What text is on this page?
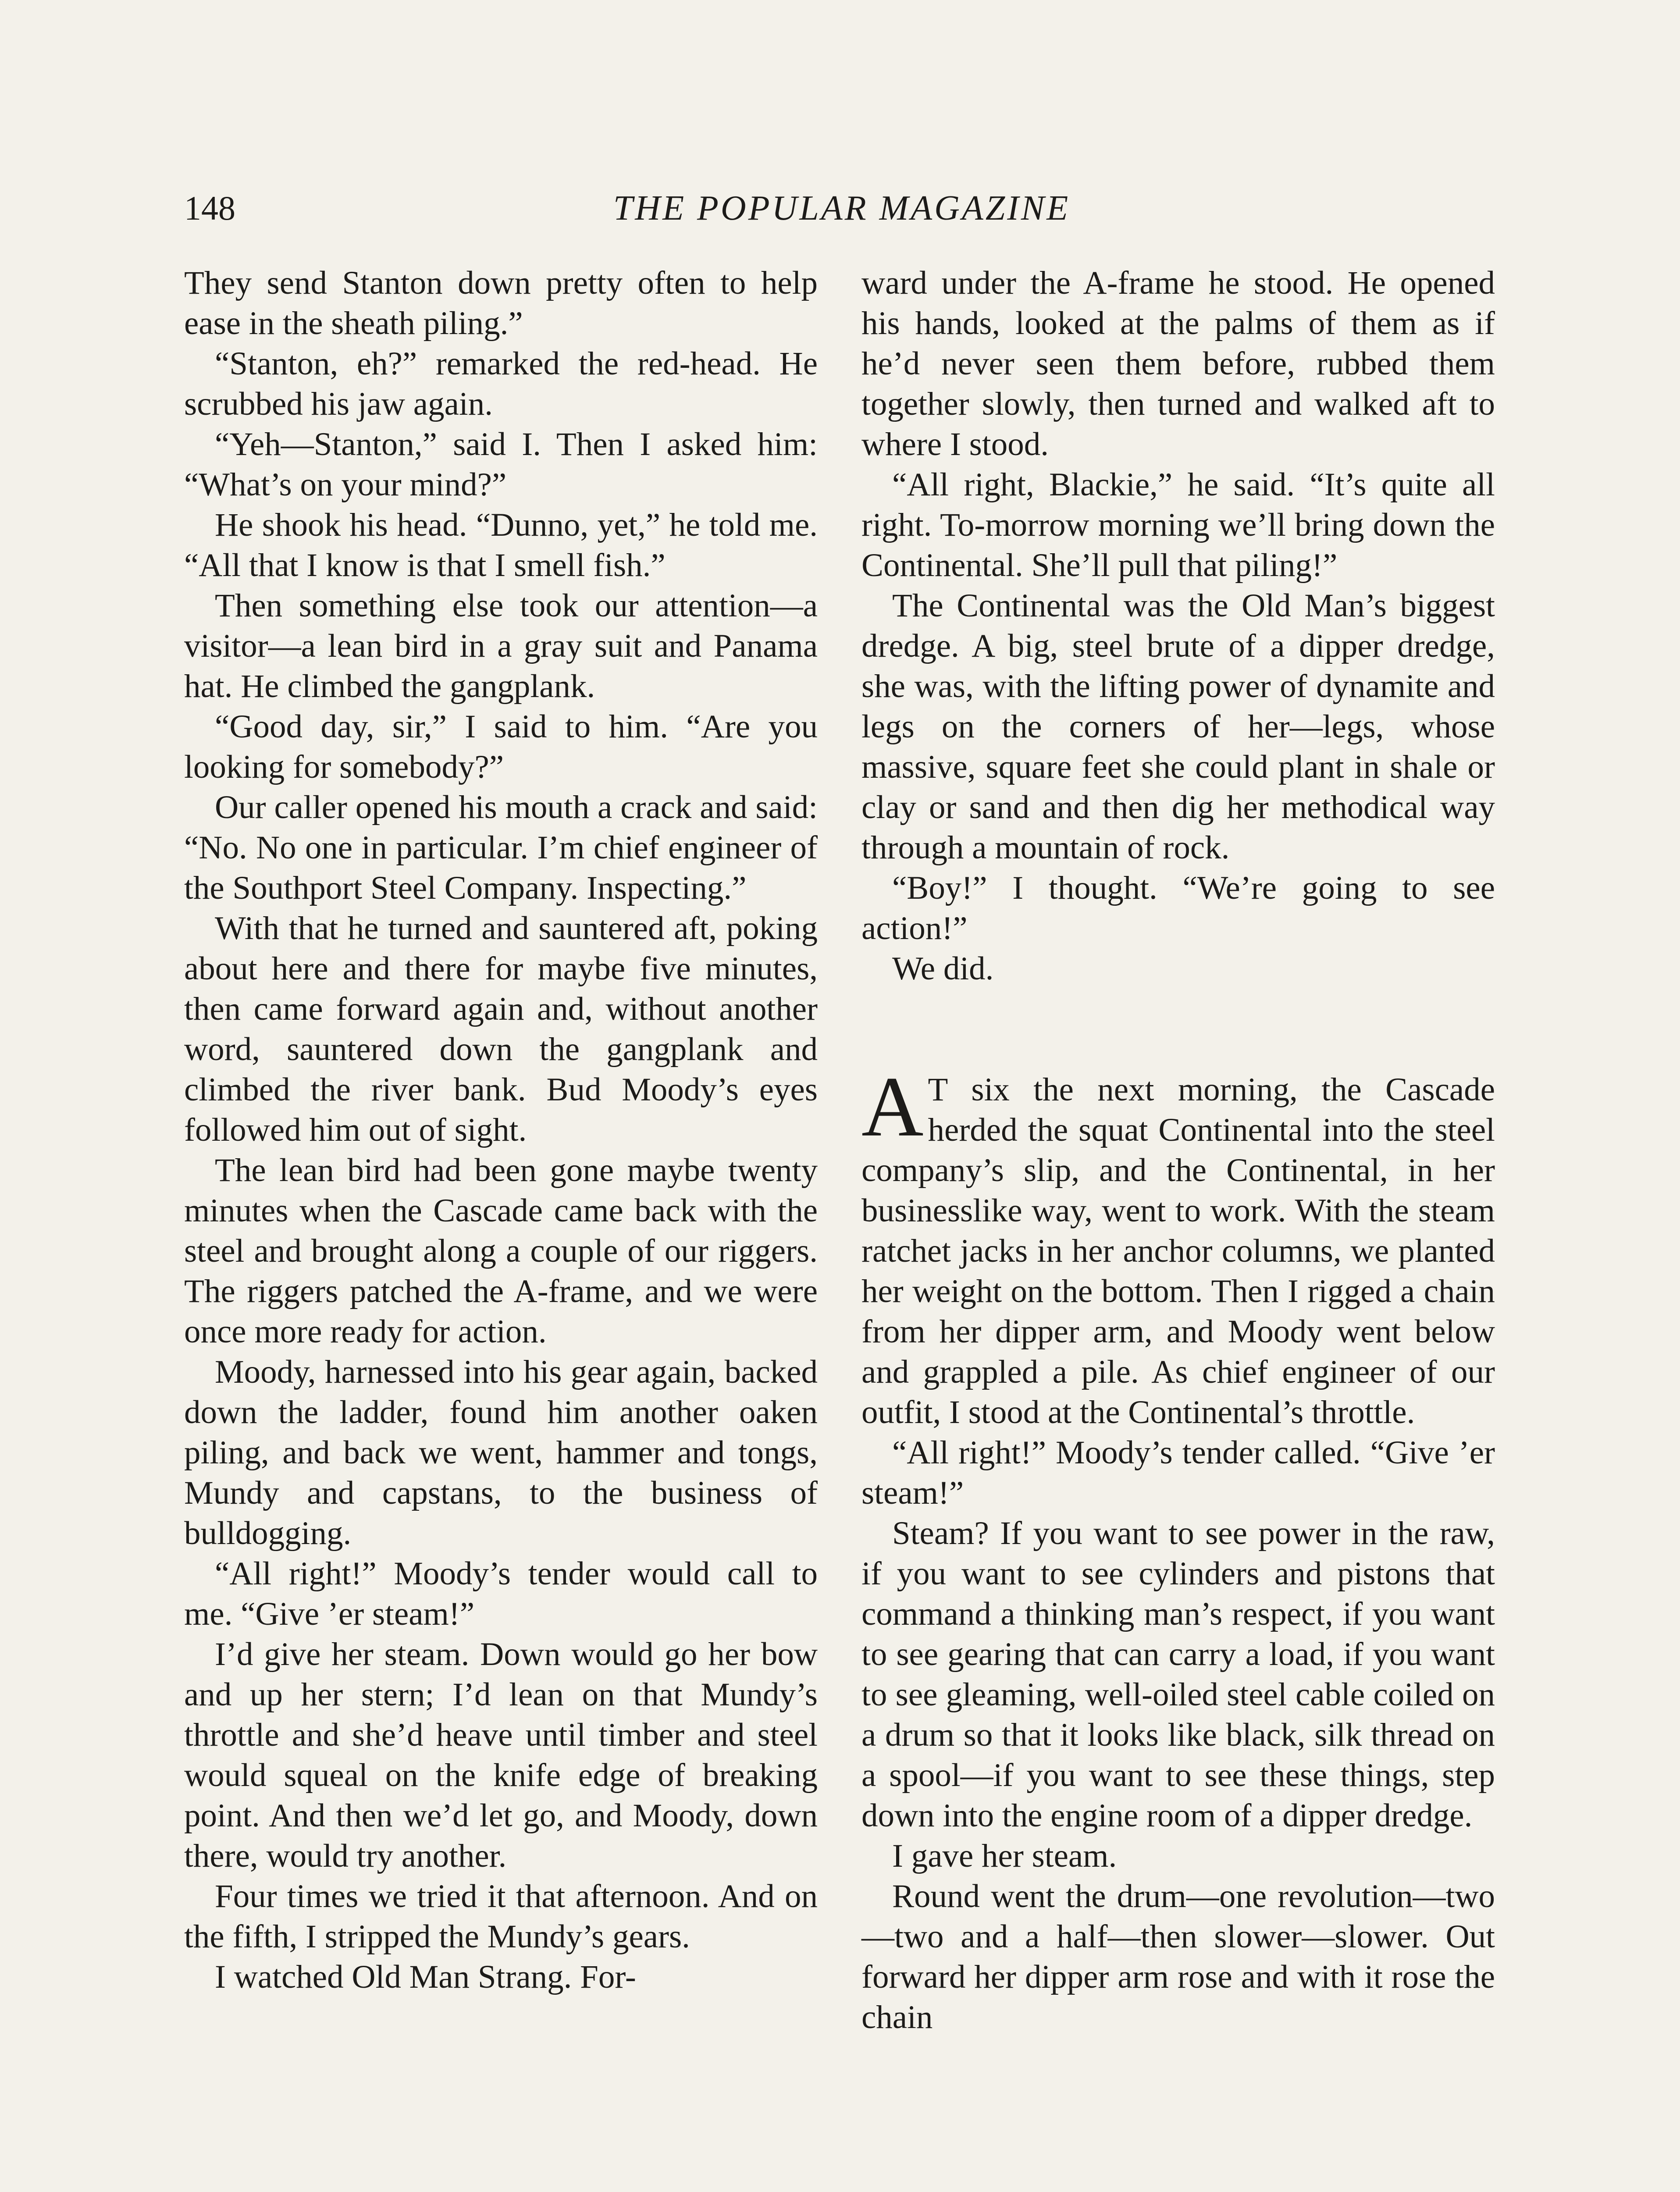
148	THE POPULAR MAGAZINE

They send Stanton down pretty often to help ease in the sheath piling.”

“Stanton, eh?” remarked the red-head. He scrubbed his jaw again.

“Yeh—Stanton,” said I. Then I asked him: “What’s on your mind?”

He shook his head. “Dunno, yet,” he told me. “All that I know is that I smell fish.”

Then something else took our attention—a visitor—a lean bird in a gray suit and Panama hat. He climbed the gangplank.

“Good day, sir,” I said to him. “Are you looking for somebody?”

Our caller opened his mouth a crack and said: “No. No one in particular. I’m chief engineer of the Southport Steel Company. Inspecting.”

With that he turned and sauntered aft, poking about here and there for maybe five minutes, then came forward again and, without another word, sauntered down the gangplank and climbed the river bank. Bud Moody’s eyes followed him out of sight.

The lean bird had been gone maybe twenty minutes when the Cascade came back with the steel and brought along a couple of our riggers. The riggers patched the A-frame, and we were once more ready for action.

Moody, harnessed into his gear again, backed down the ladder, found him another oaken piling, and back we went, hammer and tongs, Mundy and capstans, to the business of bulldogging.

“All right!” Moody’s tender would call to me. “Give ’er steam!”

I’d give her steam. Down would go her bow and up her stern; I’d lean on that Mundy’s throttle and she’d heave until timber and steel would squeal on the knife edge of breaking point. And then we’d let go, and Moody, down there, would try another.

Four times we tried it that afternoon. And on the fifth, I stripped the Mundy’s gears.

I watched Old Man Strang. For-

ward under the A-frame he stood. He opened his hands, looked at the palms of them as if he’d never seen them before, rubbed them together slowly, then turned and walked aft to where I stood.

“All right, Blackie,” he said. “It’s quite all right. To-morrow morning we’ll bring down the Continental. She’ll pull that piling!”

The Continental was the Old Man’s biggest dredge. A big, steel brute of a dipper dredge, she was, with the lifting power of dynamite and legs on the corners of her—legs, whose massive, square feet she could plant in shale or clay or sand and then dig her methodical way through a mountain of rock.

“Boy!” I thought. “We’re going to see action!”

We did.

A T six the next morning, the Cascade herded the squat Continental into the steel company’s slip, and the Continental, in her businesslike way, went to work. With the steam ratchet jacks in her anchor columns, we planted her weight on the bottom. Then I rigged a chain from her dipper arm, and Moody went below and grappled a pile. As chief engineer of our outfit, I stood at the Continental’s throttle.

“All right!” Moody’s tender called. “Give ’er steam!”

Steam? If you want to see power in the raw, if you want to see cylinders and pistons that command a thinking man’s respect, if you want to see gearing that can carry a load, if you want to see gleaming, well-oiled steel cable coiled on a drum so that it looks like black, silk thread on a spool—if you want to see these things, step down into the engine room of a dipper dredge.

I gave her steam.

Round went the drum—one revolution—two—two and a half—then slower—slower. Out forward her dipper arm rose and with it rose the chain
